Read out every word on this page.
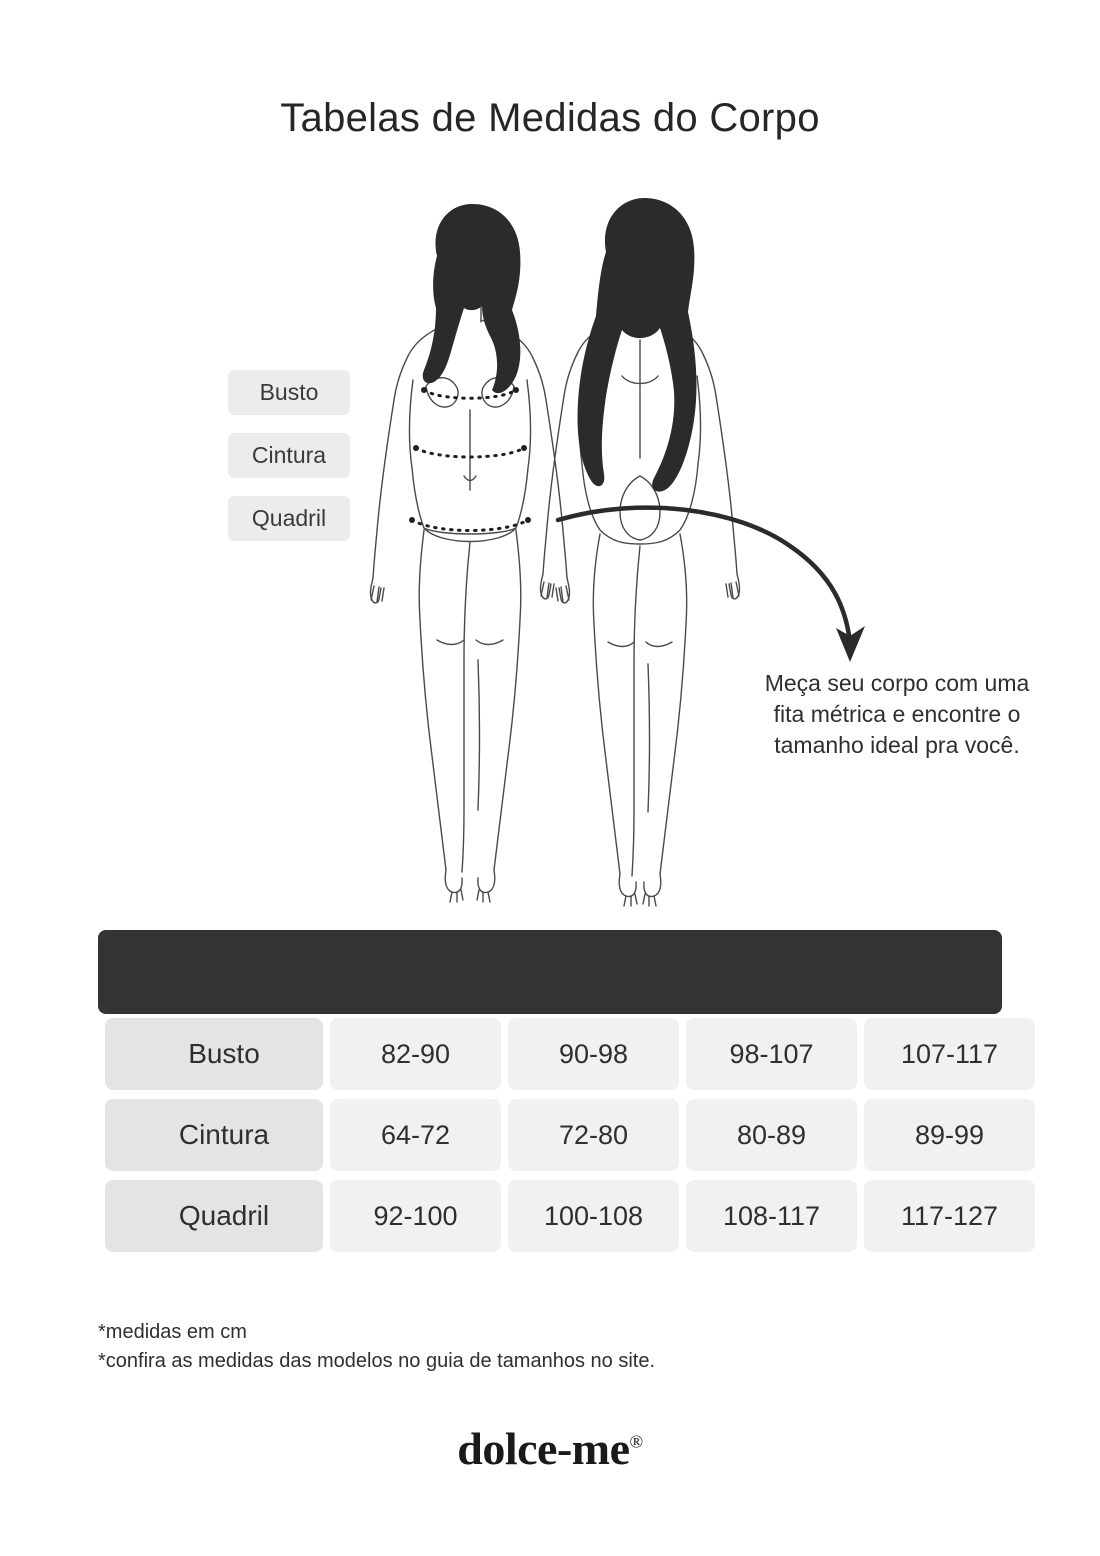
Tabelas de Medidas do Corpo
Busto Cintura Quadril
Meça seu corpo com uma fita métrica e encontre o tamanho ideal pra você.

Busto	82-90	90-98	98-107	107-117
Cintura	64-72	72-80	80-89	89-99
Quadril	92-100	100-108	108-117	117-127
*medidas em cm
*confira as medidas das modelos no guia de tamanhos no site.
dolce-me®
